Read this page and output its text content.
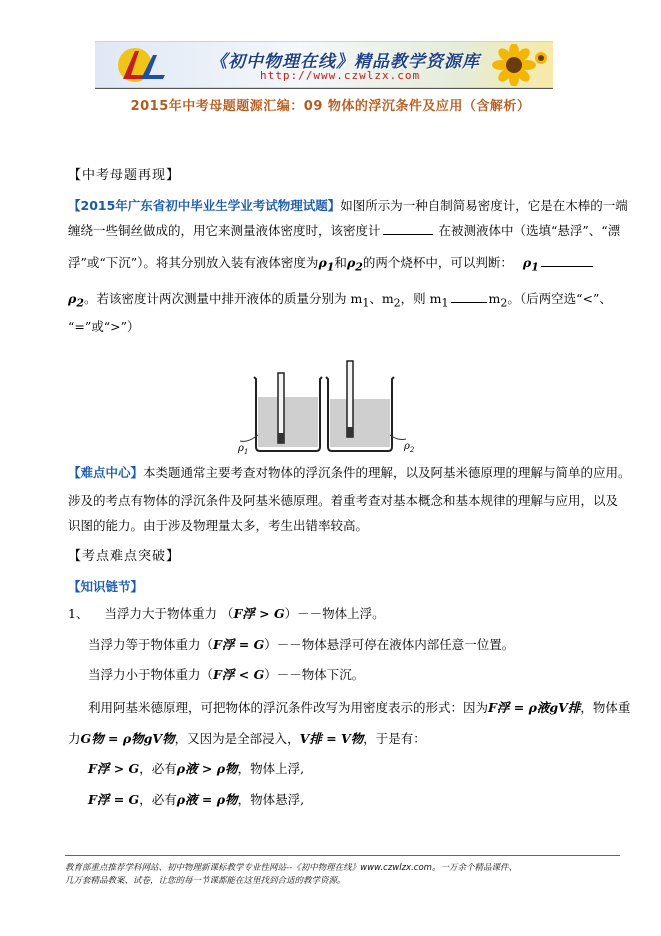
《初中物理在线》精品教学资源库
http://www.czwlzx.com
2015年中考母题题源汇编：09 物体的浮沉条件及应用（含解析）
【中考母题再现】
【2015年广东省初中毕业生学业考试物理试题】如图所示为一种自制简易密度计，它是在木棒的一端
缠绕一些铜丝做成的，用它来测量液体密度时，该密度计	在被测液体中（选填“悬浮”、“漂
浮”或“下沉”）。将其分别放入装有液体密度为$\rho_1$和$\rho_2$的两个烧杯中，可以判断： $\rho_1$
$\rho_2$。若该密度计两次测量中排开液体的质量分别为 $m_1$、$m_2$，则 $m_1$	$m_2$。（后两空选“<”、
“=”或“>”）
$\rho_1$	$\rho_2$
【难点中心】本类题通常主要考查对物体的浮沉条件的理解，以及阿基米德原理的理解与简单的应用。
涉及的考点有物体的浮沉条件及阿基米德原理。着重考查对基本概念和基本规律的理解与应用，以及
识图的能力。由于涉及物理量太多，考生出错率较高。
【考点难点突破】
【知识链节】
1、 当浮力大于物体重力 （F浮 > G）－－物体上浮。
当浮力等于物体重力（F浮 = G）－－物体悬浮可停在液体内部任意一位置。
当浮力小于物体重力（F浮 < G）－－物体下沉。
利用阿基米德原理，可把物体的浮沉条件改写为用密度表示的形式：因为F浮 = ρ液gV排，物体重
力G物 = ρ物gV物，又因为是全部浸入，V排 = V物，于是有：
F浮 > G，必有ρ液 > ρ物，物体上浮,
F浮 = G，必有ρ液 = ρ物，物体悬浮,
教育部重点推荐学科网站、初中物理新课标教学专业性网站--《初中物理在线》www.czwlzx.com。一万余个精品课件、
几万套精品教案、试卷，让您的每一节课都能在这里找到合适的教学资源。
